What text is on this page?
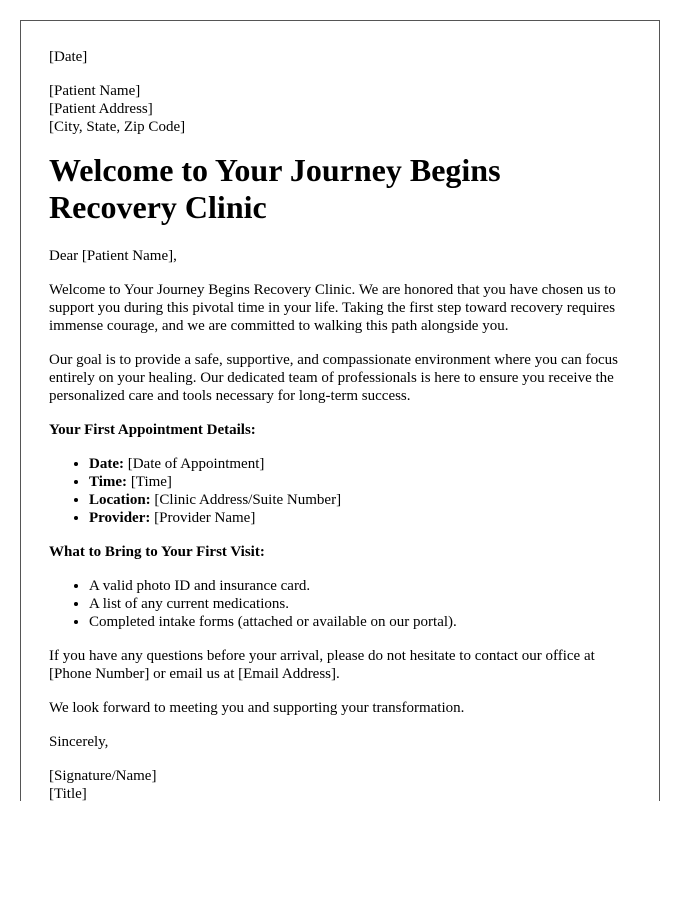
[Date]

[Patient Name]
[Patient Address]
[City, State, Zip Code]
Welcome to Your Journey Begins Recovery Clinic

Dear [Patient Name],

Welcome to Your Journey Begins Recovery Clinic. We are honored that you have chosen us to support you during this pivotal time in your life. Taking the first step toward recovery requires immense courage, and we are committed to walking this path alongside you.

Our goal is to provide a safe, supportive, and compassionate environment where you can focus entirely on your healing. Our dedicated team of professionals is here to ensure you receive the personalized care and tools necessary for long-term success.

Your First Appointment Details:

• Date: [Date of Appointment]
• Time: [Time]
• Location: [Clinic Address/Suite Number]
• Provider: [Provider Name]

What to Bring to Your First Visit:

• A valid photo ID and insurance card.
• A list of any current medications.
• Completed intake forms (attached or available on our portal).

If you have any questions before your arrival, please do not hesitate to contact our office at [Phone Number] or email us at [Email Address].

We look forward to meeting you and supporting your transformation.

Sincerely,

[Signature/Name]
[Title]
